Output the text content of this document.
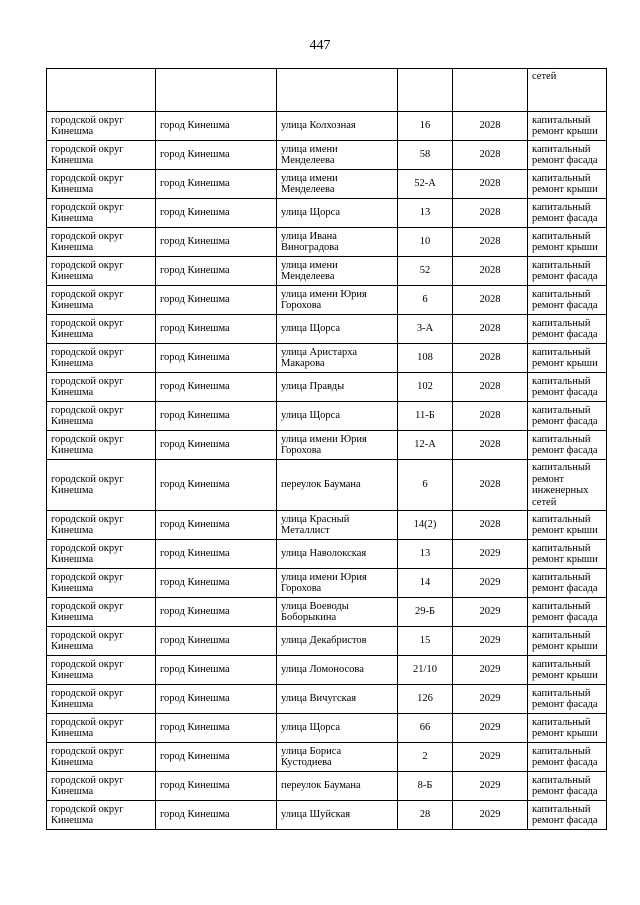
447
					сетей
городской округ Кинешма	город Кинешма	улица Колхозная	16	2028	капитальный ремонт крыши
городской округ Кинешма	город Кинешма	улица имени Менделеева	58	2028	капитальный ремонт фасада
городской округ Кинешма	город Кинешма	улица имени Менделеева	52-А	2028	капитальный ремонт крыши
городской округ Кинешма	город Кинешма	улица Щорса	13	2028	капитальный ремонт фасада
городской округ Кинешма	город Кинешма	улица Ивана Виноградова	10	2028	капитальный ремонт крыши
городской округ Кинешма	город Кинешма	улица имени Менделеева	52	2028	капитальный ремонт фасада
городской округ Кинешма	город Кинешма	улица имени Юрия Горохова	6	2028	капитальный ремонт фасада
городской округ Кинешма	город Кинешма	улица Щорса	3-А	2028	капитальный ремонт фасада
городской округ Кинешма	город Кинешма	улица Аристарха Макарова	108	2028	капитальный ремонт крыши
городской округ Кинешма	город Кинешма	улица Правды	102	2028	капитальный ремонт фасада
городской округ Кинешма	город Кинешма	улица Щорса	11-Б	2028	капитальный ремонт фасада
городской округ Кинешма	город Кинешма	улица имени Юрия Горохова	12-А	2028	капитальный ремонт фасада
городской округ Кинешма	город Кинешма	переулок Баумана	6	2028	капитальный ремонт инженерных сетей
городской округ Кинешма	город Кинешма	улица Красный Металлист	14(2)	2028	капитальный ремонт крыши
городской округ Кинешма	город Кинешма	улица Наволокская	13	2029	капитальный ремонт крыши
городской округ Кинешма	город Кинешма	улица имени Юрия Горохова	14	2029	капитальный ремонт фасада
городской округ Кинешма	город Кинешма	улица Воеводы Боборыкина	29-Б	2029	капитальный ремонт фасада
городской округ Кинешма	город Кинешма	улица Декабристов	15	2029	капитальный ремонт крыши
городской округ Кинешма	город Кинешма	улица Ломоносова	21/10	2029	капитальный ремонт крыши
городской округ Кинешма	город Кинешма	улица Вичугская	126	2029	капитальный ремонт фасада
городской округ Кинешма	город Кинешма	улица Щорса	66	2029	капитальный ремонт крыши
городской округ Кинешма	город Кинешма	улица Бориса Кустодиева	2	2029	капитальный ремонт фасада
городской округ Кинешма	город Кинешма	переулок Баумана	8-Б	2029	капитальный ремонт фасада
городской округ Кинешма	город Кинешма	улица Шуйская	28	2029	капитальный ремонт фасада
